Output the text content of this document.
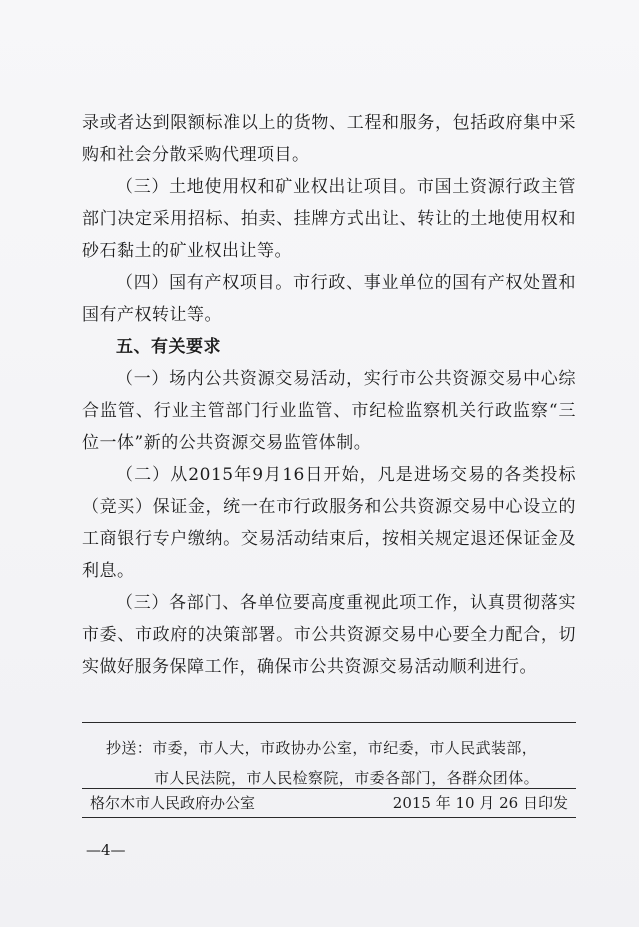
录或者达到限额标准以上的货物、工程和服务，包括政府集中采购和社会分散采购代理项目。

（三）土地使用权和矿业权出让项目。市国土资源行政主管部门决定采用招标、拍卖、挂牌方式出让、转让的土地使用权和砂石黏土的矿业权出让等。

（四）国有产权项目。市行政、事业单位的国有产权处置和国有产权转让等。

五、有关要求

（一）场内公共资源交易活动，实行市公共资源交易中心综合监管、行业主管部门行业监管、市纪检监察机关行政监察“三位一体”新的公共资源交易监管体制。

（二）从2015年9月16日开始，凡是进场交易的各类投标（竞买）保证金，统一在市行政服务和公共资源交易中心设立的工商银行专户缴纳。交易活动结束后，按相关规定退还保证金及利息。

（三）各部门、各单位要高度重视此项工作，认真贯彻落实市委、市政府的决策部署。市公共资源交易中心要全力配合，切实做好服务保障工作，确保市公共资源交易活动顺利进行。

抄送：市委，市人大，市政协办公室，市纪委，市人民武装部，
市人民法院，市人民检察院，市委各部门，各群众团体。
格尔木市人民政府办公室	2015 年 10 月 26 日印发
—4—
